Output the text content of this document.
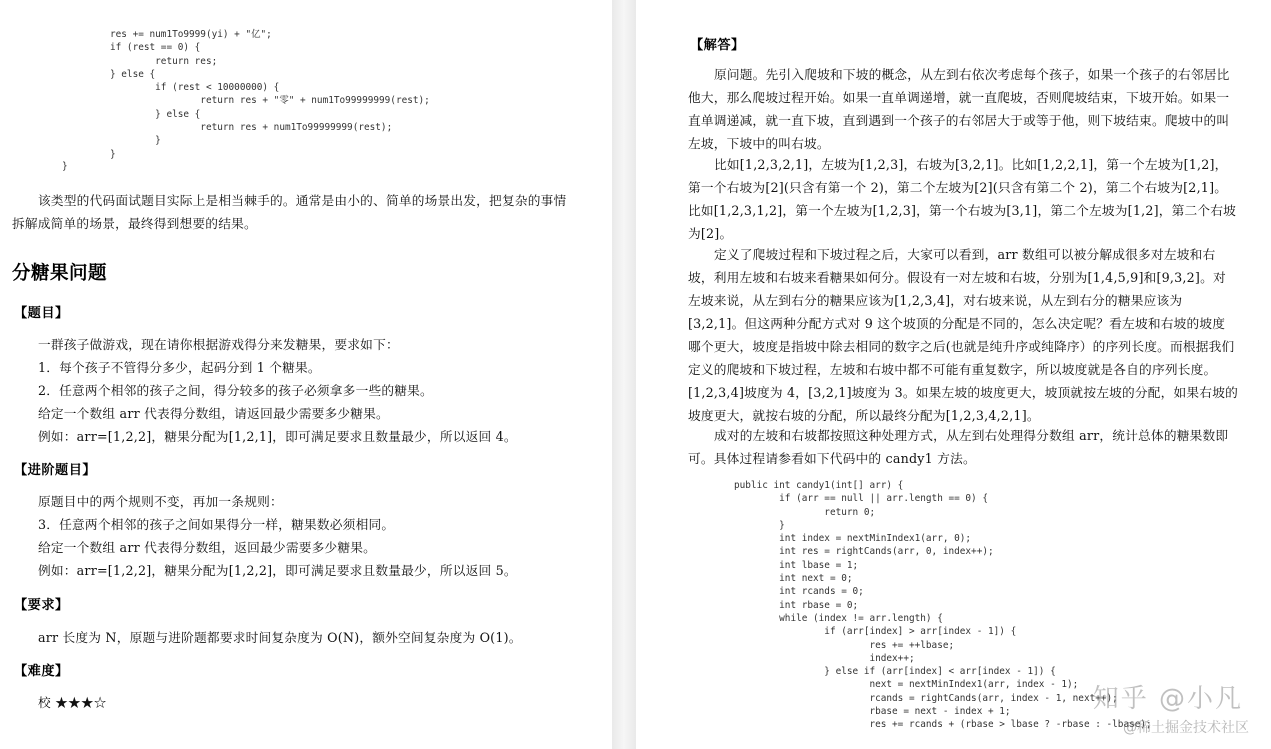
res += num1To9999(yi) + "亿";
if (rest == 0) {
return res;
} else {
if (rest < 10000000) {
return res + "零" + num1To99999999(rest);
} else {
return res + num1To99999999(rest);
}
}
}
该类型的代码面试题目实际上是相当棘手的。通常是由小的、简单的场景出发，把复杂的事情拆解成简单的场景，最终得到想要的结果。
分糖果问题
【题目】
一群孩子做游戏，现在请你根据游戏得分来发糖果，要求如下：
1．每个孩子不管得分多少，起码分到 1 个糖果。
2．任意两个相邻的孩子之间，得分较多的孩子必须拿多一些的糖果。
给定一个数组 arr 代表得分数组，请返回最少需要多少糖果。
例如：arr=[1,2,2]，糖果分配为[1,2,1]，即可满足要求且数量最少，所以返回 4。
【进阶题目】
原题目中的两个规则不变，再加一条规则：
3．任意两个相邻的孩子之间如果得分一样，糖果数必须相同。
给定一个数组 arr 代表得分数组，返回最少需要多少糖果。
例如：arr=[1,2,2]，糖果分配为[1,2,2]，即可满足要求且数量最少，所以返回 5。
【要求】
arr 长度为 N，原题与进阶题都要求时间复杂度为 O(N)，额外空间复杂度为 O(1)。
【难度】
校 ★★★☆
【解答】
原问题。先引入爬坡和下坡的概念，从左到右依次考虑每个孩子，如果一个孩子的右邻居比他大，那么爬坡过程开始。如果一直单调递增，就一直爬坡，否则爬坡结束，下坡开始。如果一直单调递减，就一直下坡，直到遇到一个孩子的右邻居大于或等于他，则下坡结束。爬坡中的叫左坡，下坡中的叫右坡。
比如[1,2,3,2,1]，左坡为[1,2,3]，右坡为[3,2,1]。比如[1,2,2,1]，第一个左坡为[1,2]，第一个右坡为[2](只含有第一个 2)，第二个左坡为[2](只含有第二个 2)，第二个右坡为[2,1]。比如[1,2,3,1,2]，第一个左坡为[1,2,3]，第一个右坡为[3,1]，第二个左坡为[1,2]，第二个右坡为[2]。
定义了爬坡过程和下坡过程之后，大家可以看到，arr 数组可以被分解成很多对左坡和右坡，利用左坡和右坡来看糖果如何分。假设有一对左坡和右坡，分别为[1,4,5,9]和[9,3,2]。对左坡来说，从左到右分的糖果应该为[1,2,3,4]，对右坡来说，从左到右分的糖果应该为[3,2,1]。但这两种分配方式对 9 这个坡顶的分配是不同的，怎么决定呢？看左坡和右坡的坡度哪个更大，坡度是指坡中除去相同的数字之后(也就是纯升序或纯降序）的序列长度。而根据我们定义的爬坡和下坡过程，左坡和右坡中都不可能有重复数字，所以坡度就是各自的序列长度。[1,2,3,4]坡度为 4，[3,2,1]坡度为 3。如果左坡的坡度更大，坡顶就按左坡的分配，如果右坡的坡度更大，就按右坡的分配，所以最终分配为[1,2,3,4,2,1]。
成对的左坡和右坡都按照这种处理方式，从左到右处理得分数组 arr，统计总体的糖果数即可。具体过程请参看如下代码中的 candy1 方法。
public int candy1(int[] arr) {
if (arr == null || arr.length == 0) {
return 0;
}
int index = nextMinIndex1(arr, 0);
int res = rightCands(arr, 0, index++);
int lbase = 1;
int next = 0;
int rcands = 0;
int rbase = 0;
while (index != arr.length) {
if (arr[index] > arr[index - 1]) {
res += ++lbase;
index++;
} else if (arr[index] < arr[index - 1]) {
next = nextMinIndex1(arr, index - 1);
rcands = rightCands(arr, index - 1, next++);
rbase = next - index + 1;
res += rcands + (rbase > lbase ? -rbase : -lbase);
知乎 @小凡
@稀土掘金技术社区
